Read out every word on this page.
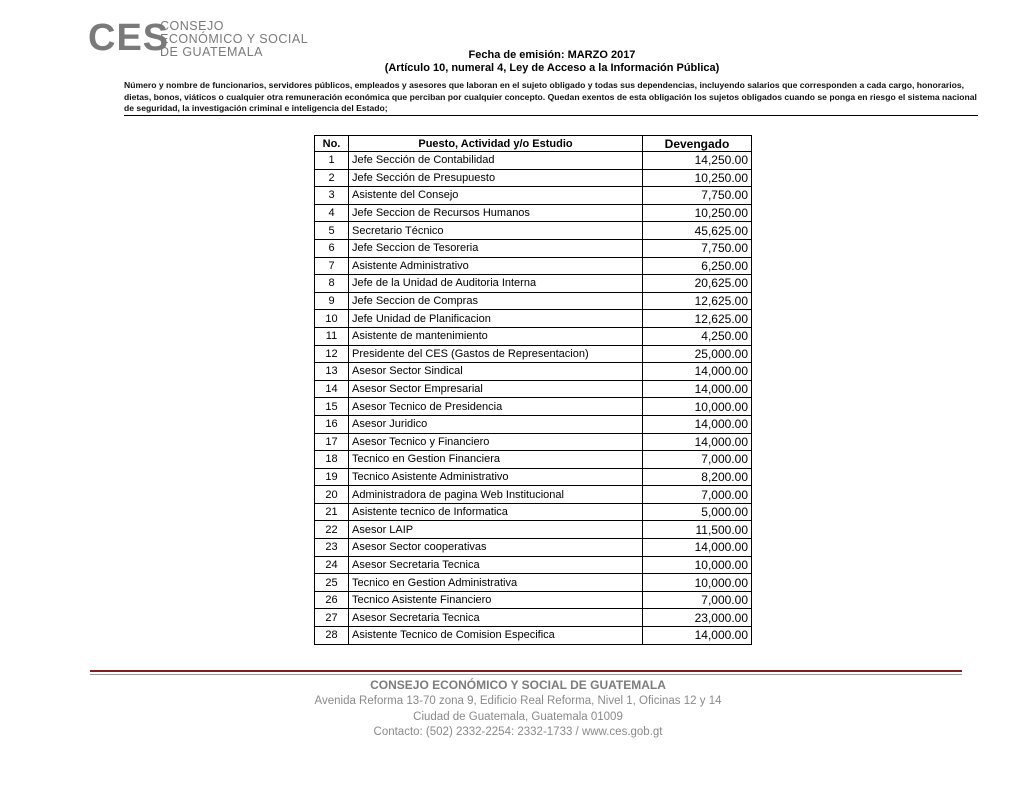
CES
CONSEJO
ECONÓMICO Y SOCIAL
DE GUATEMALA	Fecha de emisión: MARZO 2017
(Artículo 10, numeral 4, Ley de Acceso a la Información Pública)
Número y nombre de funcionarios, servidores públicos, empleados y asesores que laboran en el sujeto obligado y todas sus dependencias, incluyendo salarios que corresponden a cada cargo, honorarios, dietas, bonos, viáticos o cualquier otra remuneración económica que perciban por cualquier concepto. Quedan exentos de esta obligación los sujetos obligados cuando se ponga en riesgo el sistema nacional de seguridad, la investigación criminal e inteligencia del Estado;
No.	Puesto, Actividad y/o Estudio	Devengado
1	Jefe Sección de Contabilidad	14,250.00
2	Jefe Sección de Presupuesto	10,250.00
3	Asistente del Consejo	7,750.00
4	Jefe Seccion de Recursos Humanos	10,250.00
5	Secretario Técnico	45,625.00
6	Jefe Seccion de Tesoreria	7,750.00
7	Asistente Administrativo	6,250.00
8	Jefe de la Unidad de Auditoria Interna	20,625.00
9	Jefe Seccion de Compras	12,625.00
10	Jefe Unidad de Planificacion	12,625.00
11	Asistente de mantenimiento	4,250.00
12	Presidente del CES (Gastos de Representacion)	25,000.00
13	Asesor Sector Sindical	14,000.00
14	Asesor Sector Empresarial	14,000.00
15	Asesor Tecnico de Presidencia	10,000.00
16	Asesor Juridico	14,000.00
17	Asesor Tecnico y Financiero	14,000.00
18	Tecnico en Gestion Financiera	7,000.00
19	Tecnico Asistente Administrativo	8,200.00
20	Administradora de pagina Web Institucional	7,000.00
21	Asistente tecnico de Informatica	5,000.00
22	Asesor LAIP	11,500.00
23	Asesor Sector cooperativas	14,000.00
24	Asesor Secretaria Tecnica	10,000.00
25	Tecnico en Gestion Administrativa	10,000.00
26	Tecnico Asistente Financiero	7,000.00
27	Asesor Secretaria Tecnica	23,000.00
28	Asistente Tecnico de Comision Especifica	14,000.00
CONSEJO ECONÓMICO Y SOCIAL DE GUATEMALA
Avenida Reforma 13-70 zona 9, Edificio Real Reforma, Nivel 1, Oficinas 12 y 14
Ciudad de Guatemala, Guatemala 01009
Contacto: (502) 2332-2254: 2332-1733 / www.ces.gob.gt
